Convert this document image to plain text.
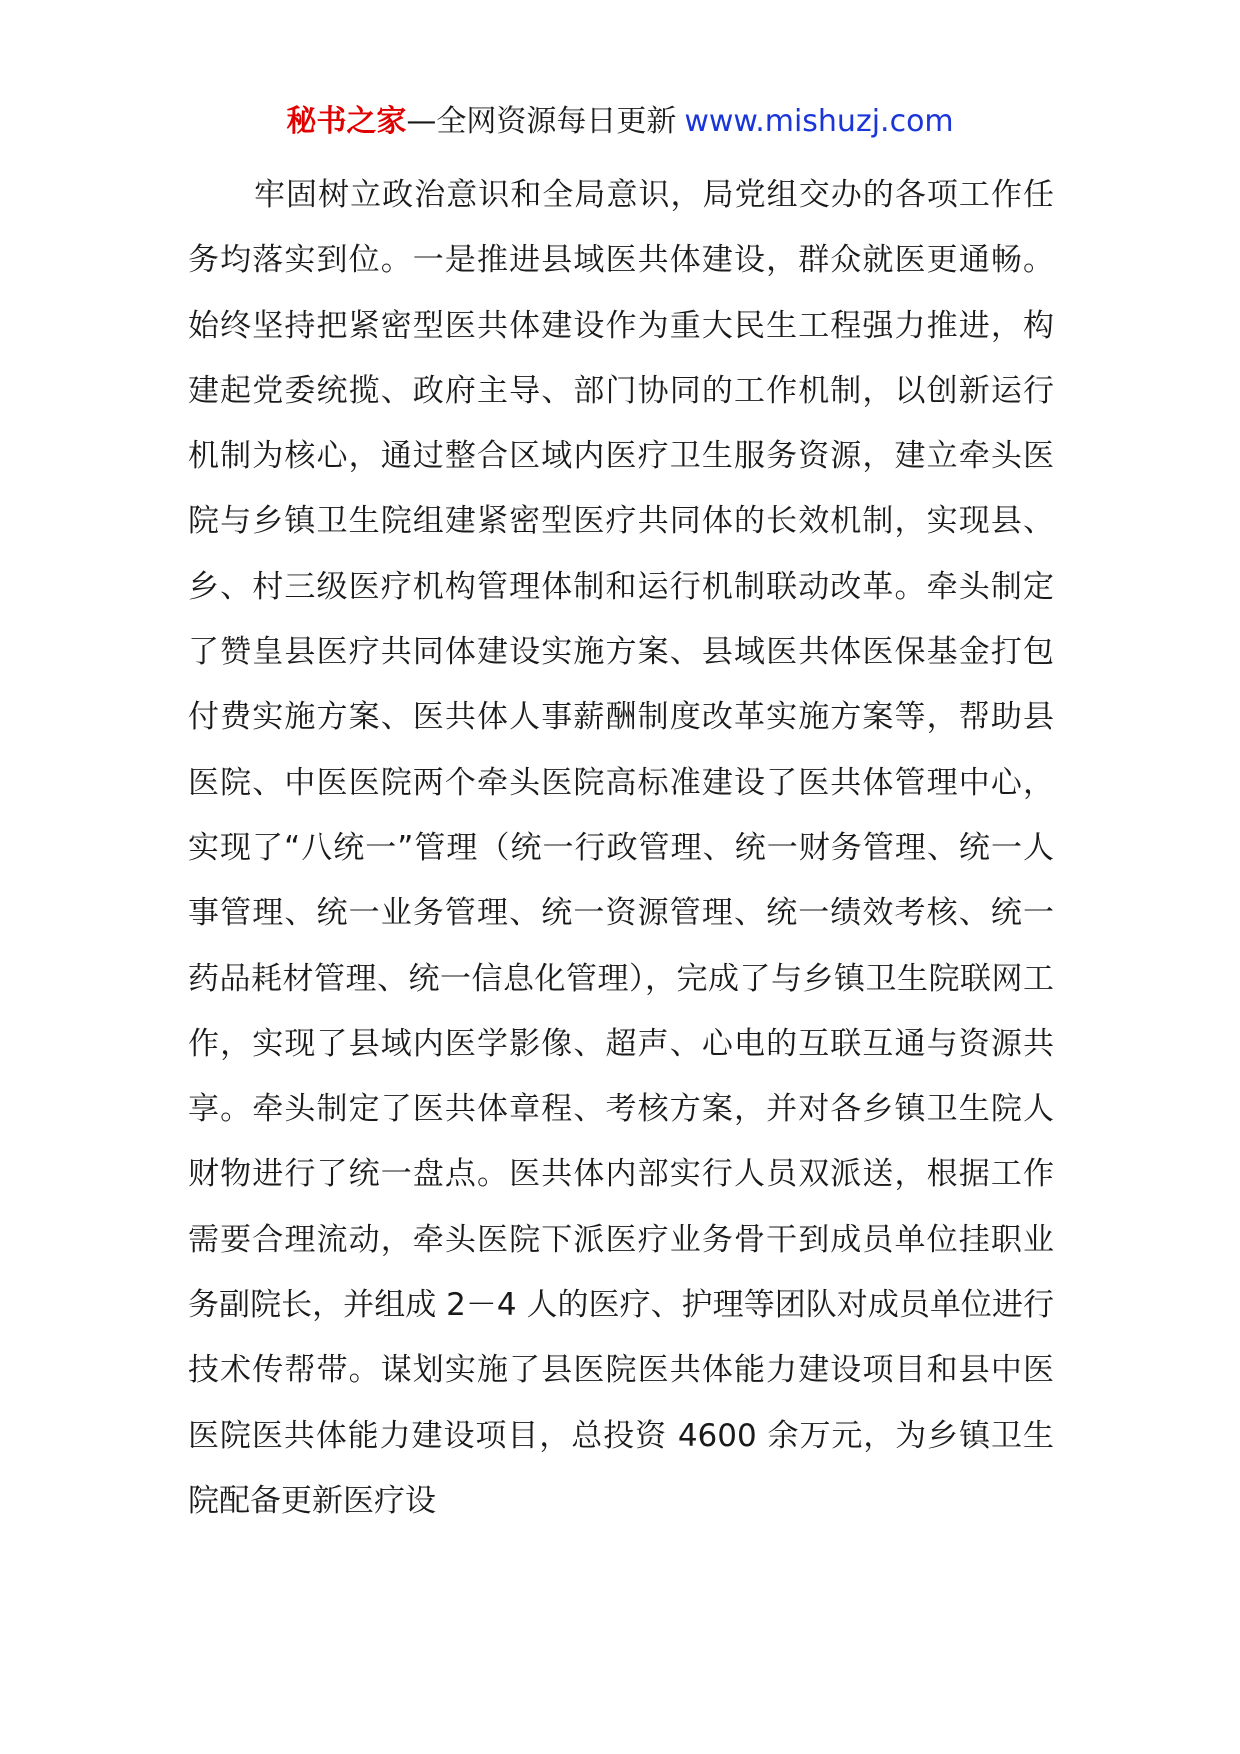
秘书之家—全网资源每日更新 www.mishuzj.com

牢固树立政治意识和全局意识，局党组交办的各项工作任务均落实到位。一是推进县域医共体建设，群众就医更通畅。始终坚持把紧密型医共体建设作为重大民生工程强力推进，构建起党委统揽、政府主导、部门协同的工作机制，以创新运行机制为核心，通过整合区域内医疗卫生服务资源，建立牵头医院与乡镇卫生院组建紧密型医疗共同体的长效机制，实现县、乡、村三级医疗机构管理体制和运行机制联动改革。牵头制定了赞皇县医疗共同体建设实施方案、县域医共体医保基金打包付费实施方案、医共体人事薪酬制度改革实施方案等，帮助县医院、中医医院两个牵头医院高标准建设了医共体管理中心，实现了“八统一”管理（统一行政管理、统一财务管理、统一人事管理、统一业务管理、统一资源管理、统一绩效考核、统一药品耗材管理、统一信息化管理），完成了与乡镇卫生院联网工作，实现了县域内医学影像、超声、心电的互联互通与资源共享。牵头制定了医共体章程、考核方案，并对各乡镇卫生院人财物进行了统一盘点。医共体内部实行人员双派送，根据工作需要合理流动，牵头医院下派医疗业务骨干到成员单位挂职业务副院长，并组成 2－4 人的医疗、护理等团队对成员单位进行技术传帮带。谋划实施了县医院医共体能力建设项目和县中医医院医共体能力建设项目，总投资 4600 余万元，为乡镇卫生院配备更新医疗设
